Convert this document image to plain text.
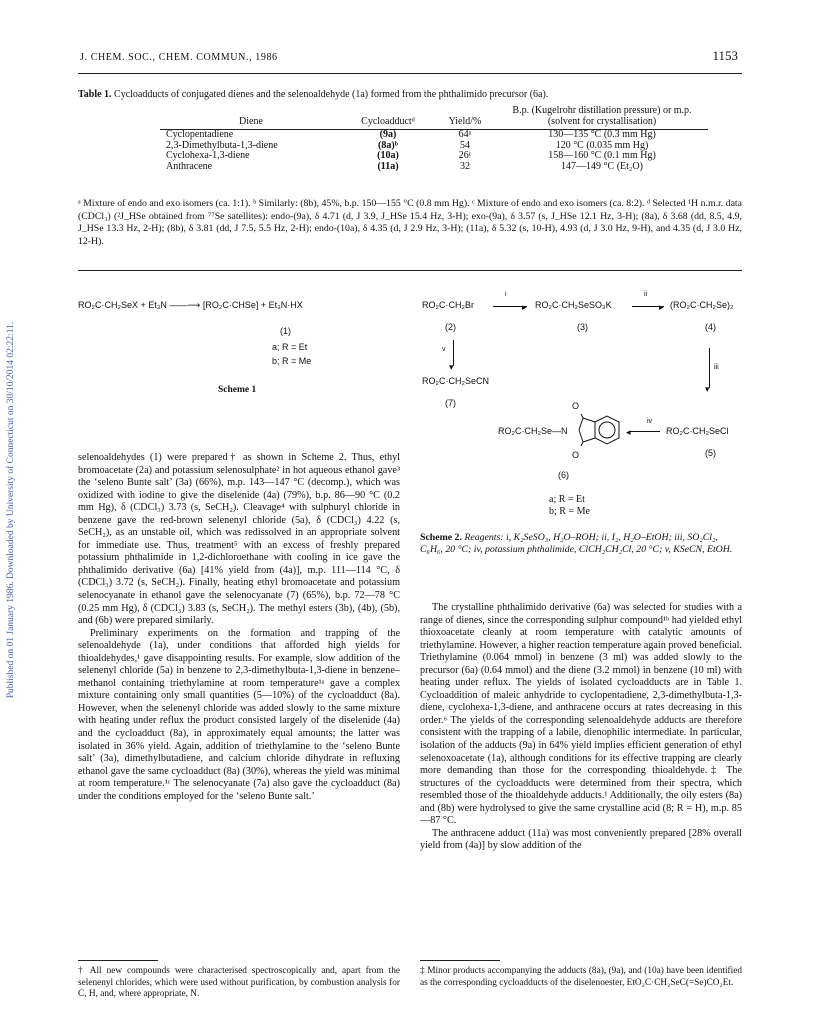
Published on 01 January 1986. Downloaded by University of Connecticut on 30/10/2014 02:22:11.
J. CHEM. SOC., CHEM. COMMUN., 1986	1153
Table 1. Cycloadducts of conjugated dienes and the selenoaldehyde (1a) formed from the phthalimido precursor (6a).
Diene	Cycloadductᵈ	Yield/%	B.p. (Kugelrohr distillation pressure) or m.p. (solvent for crystallisation)

Cyclopentadiene	(9a)	64ᵃ	130—135 °C (0.3 mm Hg)
2,3-Dimethylbuta-1,3-diene	(8a)ᵇ	54	120 °C (0.035 mm Hg)
Cyclohexa-1,3-diene	(10a)	26ᶜ	158—160 °C (0.1 mm Hg)
Anthracene	(11a)	32	147—149 °C (Et₂O)
ᵃ Mixture of endo and exo isomers (ca. 1:1). ᵇ Similarly: (8b), 45%, b.p. 150—155 °C (0.8 mm Hg). ᶜ Mixture of endo and exo isomers (ca. 8:2). ᵈ Selected ¹H n.m.r. data (CDCl₃) (²J_HSe obtained from ⁷⁷Se satellites): endo-(9a), δ 4.71 (d, J 3.9, J_HSe 15.4 Hz, 3-H); exo-(9a), δ 3.57 (s, J_HSe 12.1 Hz, 3-H); (8a), δ 3.68 (dd, 8.5, 4.9, J_HSe 13.3 Hz, 2-H); (8b), δ 3.81 (dd, J 7.5, 5.5 Hz, 2-H); endo-(10a), δ 4.35 (d, J 2.9 Hz, 3-H); (11a), δ 5.32 (s, 10-H), 4.93 (d, J 3.0 Hz, 9-H), and 4.35 (d, J 3.0 Hz, 12-H).
RO₂C·CH₂SeX + Et₃N ——⟶ [RO₂C·CHSe] + Et₃N·HX
(1)
a; R = Et
b; R = Me
Scheme 1
RO₂C·CH₂Br
(2)
▸
i
RO₂C·CH₂SeSO₃K
(3)
▸
ii
(RO₂C·CH₂Se)₂
(4)
▾
v
RO₂C·CH₂SeCN
(7)
▾
iii
RO₂C·CH₂Se—N
O
O
◂
iv
RO₂C·CH₂SeCl
(5)
(6)
a; R = Et
b; R = Me
Scheme 2. Reagents: i, K₂SeSO₃, H₂O–ROH; ii, I₂, H₂O–EtOH; iii, SO₂Cl₂, C₆H₆, 20 °C; iv, potassium phthalimide, ClCH₂CH₂Cl, 20 °C; v, KSeCN, EtOH.

selenoaldehydes (1) were prepared† as shown in Scheme 2. Thus, ethyl bromoacetate (2a) and potassium selenosulphate² in hot aqueous ethanol gave³ the ‘seleno Bunte salt’ (3a) (66%), m.p. 143—147 °C (decomp.), which was oxidized with iodine to give the diselenide (4a) (79%), b.p. 86—90 °C (0.2 mm Hg), δ (CDCl₃) 3.73 (s, SeCH₂). Cleavage⁴ with sulphuryl chloride in benzene gave the red-brown selenenyl chloride (5a), δ (CDCl₃) 4.22 (s, SeCH₂), as an unstable oil, which was redissolved in an appropriate solvent for immediate use. Thus, treatment⁵ with an excess of freshly prepared potassium phthalimide in 1,2-dichloroethane with cooling in ice gave the phthalimido derivative (6a) [41% yield from (4a)], m.p. 111—114 °C, δ (CDCl₃) 3.72 (s, SeCH₂). Finally, heating ethyl bromoacetate and potassium selenocyanate in ethanol gave the selenocyanate (7) (65%), b.p. 72—78 °C (0.25 mm Hg), δ (CDCl₃) 3.83 (s, SeCH₂). The methyl esters (3b), (4b), (5b), and (6b) were prepared similarly.

Preliminary experiments on the formation and trapping of the selenoaldehyde (1a), under conditions that afforded high yields for thioaldehydes,¹ gave disappointing results. For example, slow addition of the selenenyl chloride (5a) in benzene to 2,3-dimethylbuta-1,3-diene in benzene–methanol containing triethylamine at room temperature¹ᵃ gave a complex mixture containing only small quantities (5—10%) of the cycloadduct (8a). However, when the selenenyl chloride was added slowly to the same mixture with heating under reflux the product consisted largely of the diselenide (4a) and the cycloadduct (8a), in approximately equal amounts; the latter was isolated in 36% yield. Again, addition of triethylamine to the ‘seleno Bunte salt’ (3a), dimethylbutadiene, and calcium chloride dihydrate in refluxing ethanol gave the same cycloadduct (8a) (30%), whereas the yield was minimal at room temperature.¹ᶜ The selenocyanate (7a) also gave the cycloadduct (8a) under the conditions employed for the ‘seleno Bunte salt.’

The crystalline phthalimido derivative (6a) was selected for studies with a range of dienes, since the corresponding sulphur compound¹ᵇ had yielded ethyl thioxoacetate cleanly at room temperature with catalytic amounts of triethylamine. However, a higher reaction temperature again proved beneficial. Triethylamine (0.064 mmol) in benzene (3 ml) was added slowly to the precursor (6a) (0.64 mmol) and the diene (3.2 mmol) in benzene (10 ml) with heating under reflux. The yields of isolated cycloadducts are in Table 1. Cycloaddition of maleic anhydride to cyclopentadiene, 2,3-dimethylbuta-1,3-diene, cyclohexa-1,3-diene, and anthracene occurs at rates decreasing in this order.⁶ The yields of the corresponding selenoaldehyde adducts are therefore consistent with the trapping of a labile, dienophilic intermediate. In particular, isolation of the adducts (9a) in 64% yield implies efficient generation of ethyl selenoxoacetate (1a), although conditions for its effective trapping are clearly more demanding than those for the corresponding thioaldehyde.‡ The structures of the cycloadducts were determined from their spectra, which resembled those of the thioaldehyde adducts.¹ Additionally, the oily esters (8a) and (8b) were hydrolysed to give the same crystalline acid (8; R = H), m.p. 85—87 °C.

The anthracene adduct (11a) was most conveniently prepared [28% overall yield from (4a)] by slow addition of the

† All new compounds were characterised spectroscopically and, apart from the selenenyl chlorides, which were used without purification, by combustion analysis for C, H, and, where appropriate, N.
‡ Minor products accompanying the adducts (8a), (9a), and (10a) have been identified as the corresponding cycloadducts of the diselenoester, EtO₂C·CH₂SeC(=Se)CO₂Et.
